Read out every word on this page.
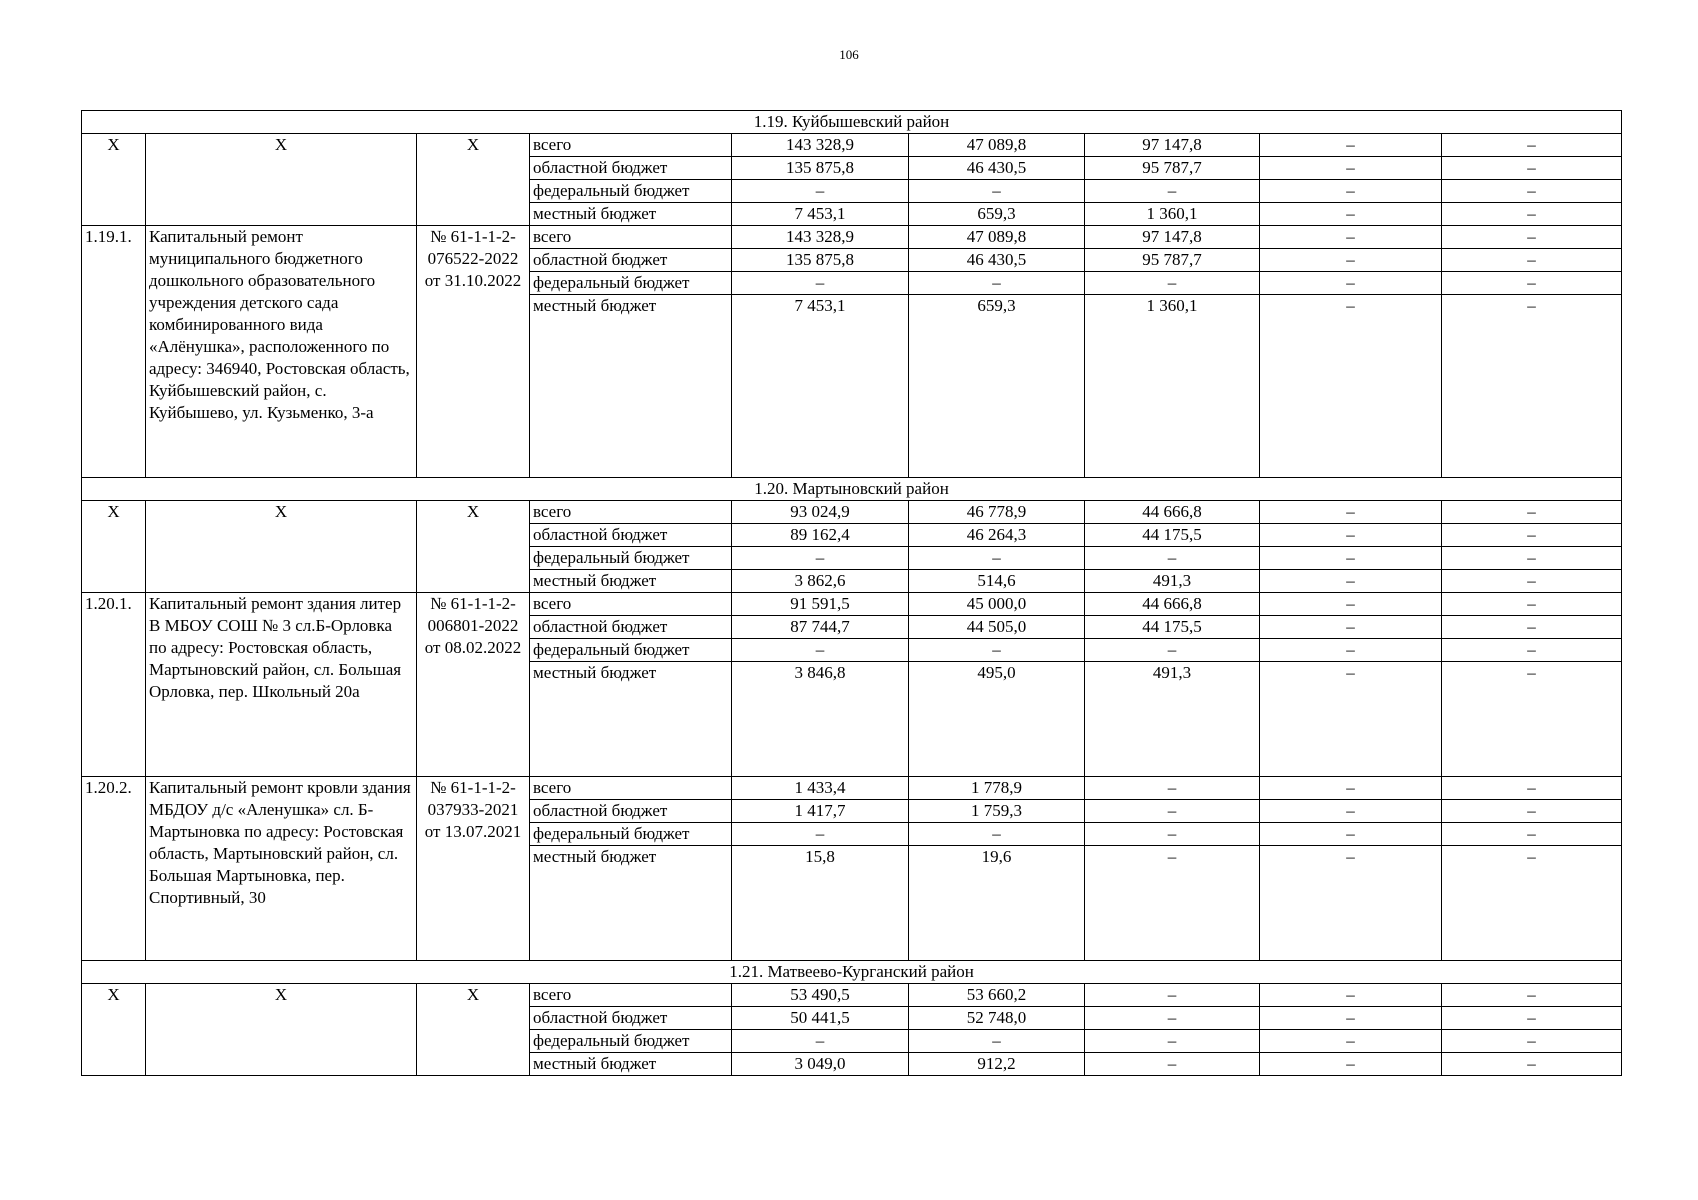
106
1.19. Куйбышевский район								
Х	Х	Х	всего	143 328,9	47 089,8	97 147,8	–	–
			областной бюджет	135 875,8	46 430,5	95 787,7	–	–
			федеральный бюджет	–	–	–	–	–
			местный бюджет	7 453,1	659,3	1 360,1	–	–
1.19.1.	Капитальный ремонт муниципального бюджетного дошкольного образовательного учреждения детского сада комбинированного вида «Алёнушка», расположенного по адресу: 346940, Ростовская область, Куйбышевский район, с. Куйбышево, ул. Кузьменко, 3-а	№ 61-1-1-2-076522-2022 от 31.10.2022	всего	143 328,9	47 089,8	97 147,8	–	–
			областной бюджет	135 875,8	46 430,5	95 787,7	–	–
			федеральный бюджет	–	–	–	–	–
			местный бюджет	7 453,1	659,3	1 360,1	–	–
1.20. Мартыновский район								
Х	Х	Х	всего	93 024,9	46 778,9	44 666,8	–	–
			областной бюджет	89 162,4	46 264,3	44 175,5	–	–
			федеральный бюджет	–	–	–	–	–
			местный бюджет	3 862,6	514,6	491,3	–	–
1.20.1.	Капитальный ремонт здания литер В МБОУ СОШ № 3 сл.Б-Орловка по адресу: Ростовская область, Мартыновский район, сл. Большая Орловка, пер. Школьный 20а	№ 61-1-1-2-006801-2022 от 08.02.2022	всего	91 591,5	45 000,0	44 666,8	–	–
			областной бюджет	87 744,7	44 505,0	44 175,5	–	–
			федеральный бюджет	–	–	–	–	–
			местный бюджет	3 846,8	495,0	491,3	–	–
1.20.2.	Капитальный ремонт кровли здания МБДОУ д/с «Аленушка» сл. Б- Мартыновка по адресу: Ростовская область, Мартыновский район, сл. Большая Мартыновка, пер. Спортивный, 30	№ 61-1-1-2-037933-2021 от 13.07.2021	всего	1 433,4	1 778,9	–	–	–
			областной бюджет	1 417,7	1 759,3	–	–	–
			федеральный бюджет	–	–	–	–	–
			местный бюджет	15,8	19,6	–	–	–
1.21. Матвеево-Курганский район								
Х	Х	Х	всего	53 490,5	53 660,2	–	–	–
			областной бюджет	50 441,5	52 748,0	–	–	–
			федеральный бюджет	–	–	–	–	–
			местный бюджет	3 049,0	912,2	–	–	–
